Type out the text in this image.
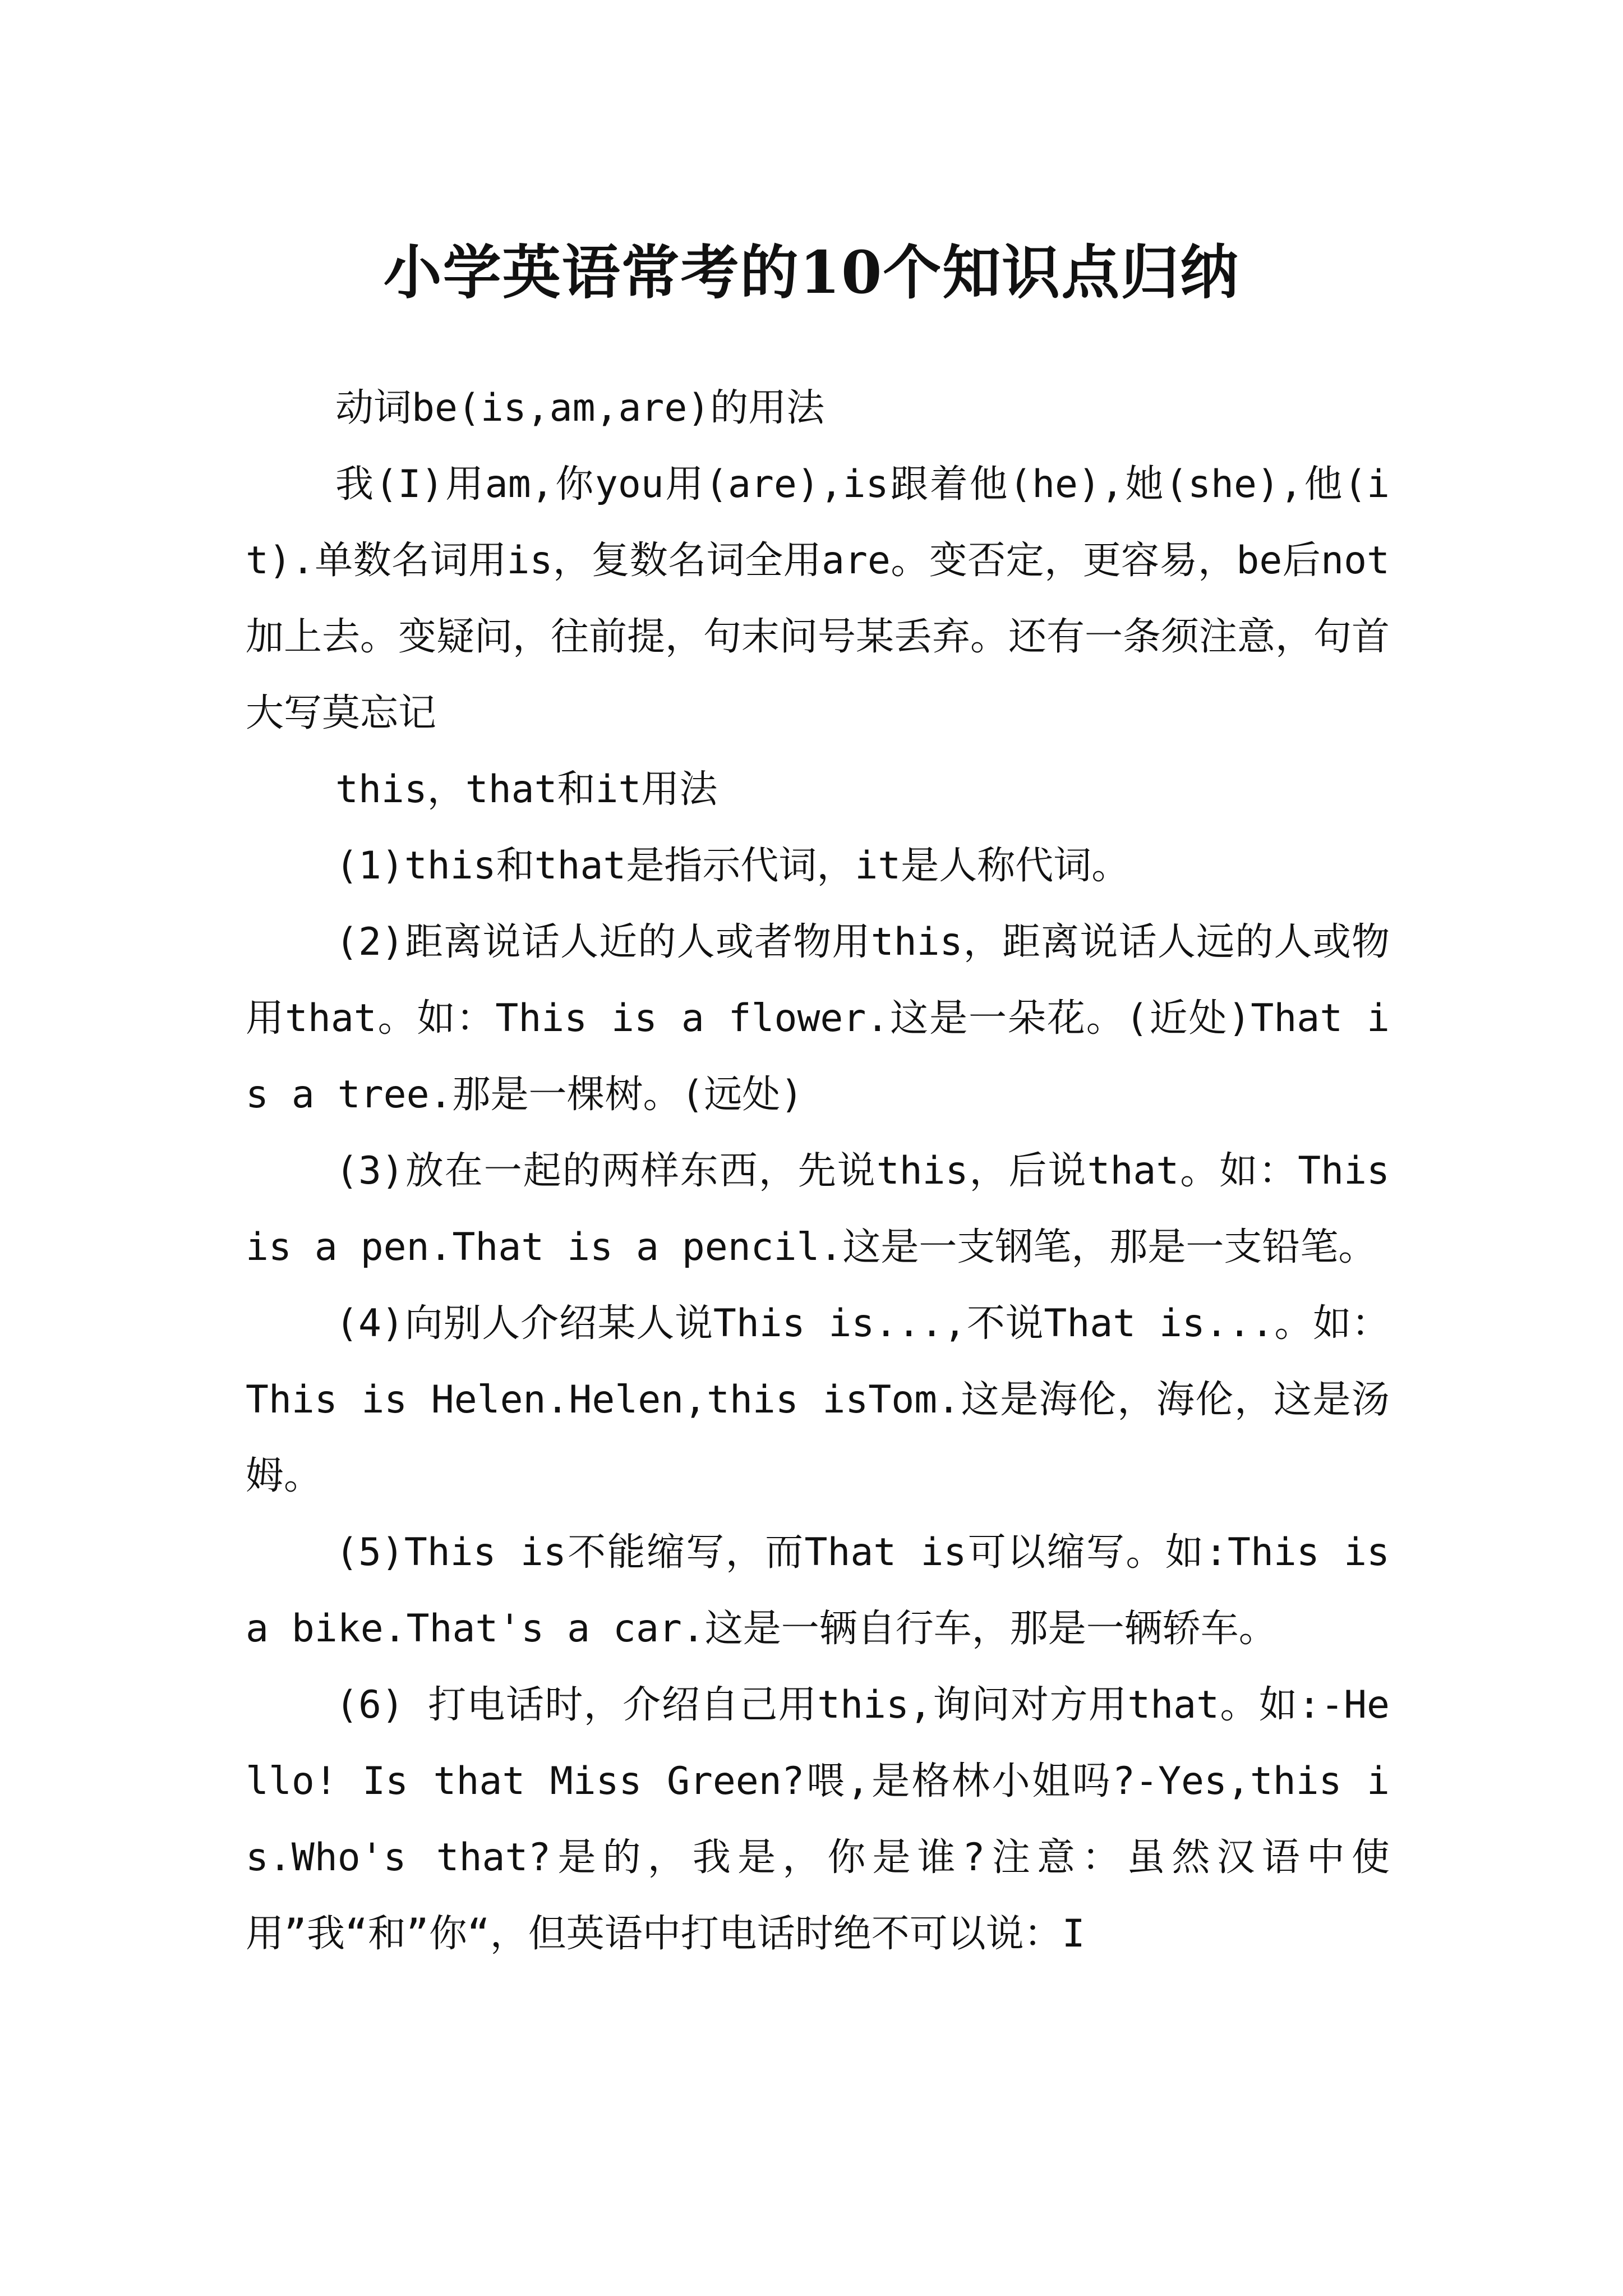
小学英语常考的10个知识点归纳

动词be(is,am,are)的用法

我(I)用am,你you用(are),is跟着他(he),她(she),他(it).单数名词用is，复数名词全用are。变否定，更容易，be后not加上去。变疑问，往前提，句末问号某丢弃。还有一条须注意，句首大写莫忘记

this，that和it用法

(1)this和that是指示代词，it是人称代词。

(2)距离说话人近的人或者物用this，距离说话人远的人或物用that。如：This is a flower.这是一朵花。(近处)That is a tree.那是一棵树。(远处)

(3)放在一起的两样东西，先说this，后说that。如：This is a pen.That is a pencil.这是一支钢笔，那是一支铅笔。

(4)向别人介绍某人说This is...,不说That is...。如：This is Helen.Helen,this isTom.这是海伦，海伦，这是汤姆。

(5)This is不能缩写，而That is可以缩写。如:This is a bike.That's a car.这是一辆自行车，那是一辆轿车。

(6) 打电话时，介绍自己用this,询问对方用that。如:-Hello! Is that Miss Green?喂,是格林小姐吗?-Yes,this is.Who's that?是的，我是，你是谁?注意：虽然汉语中使用”我“和”你“，但英语中打电话时绝不可以说：I
